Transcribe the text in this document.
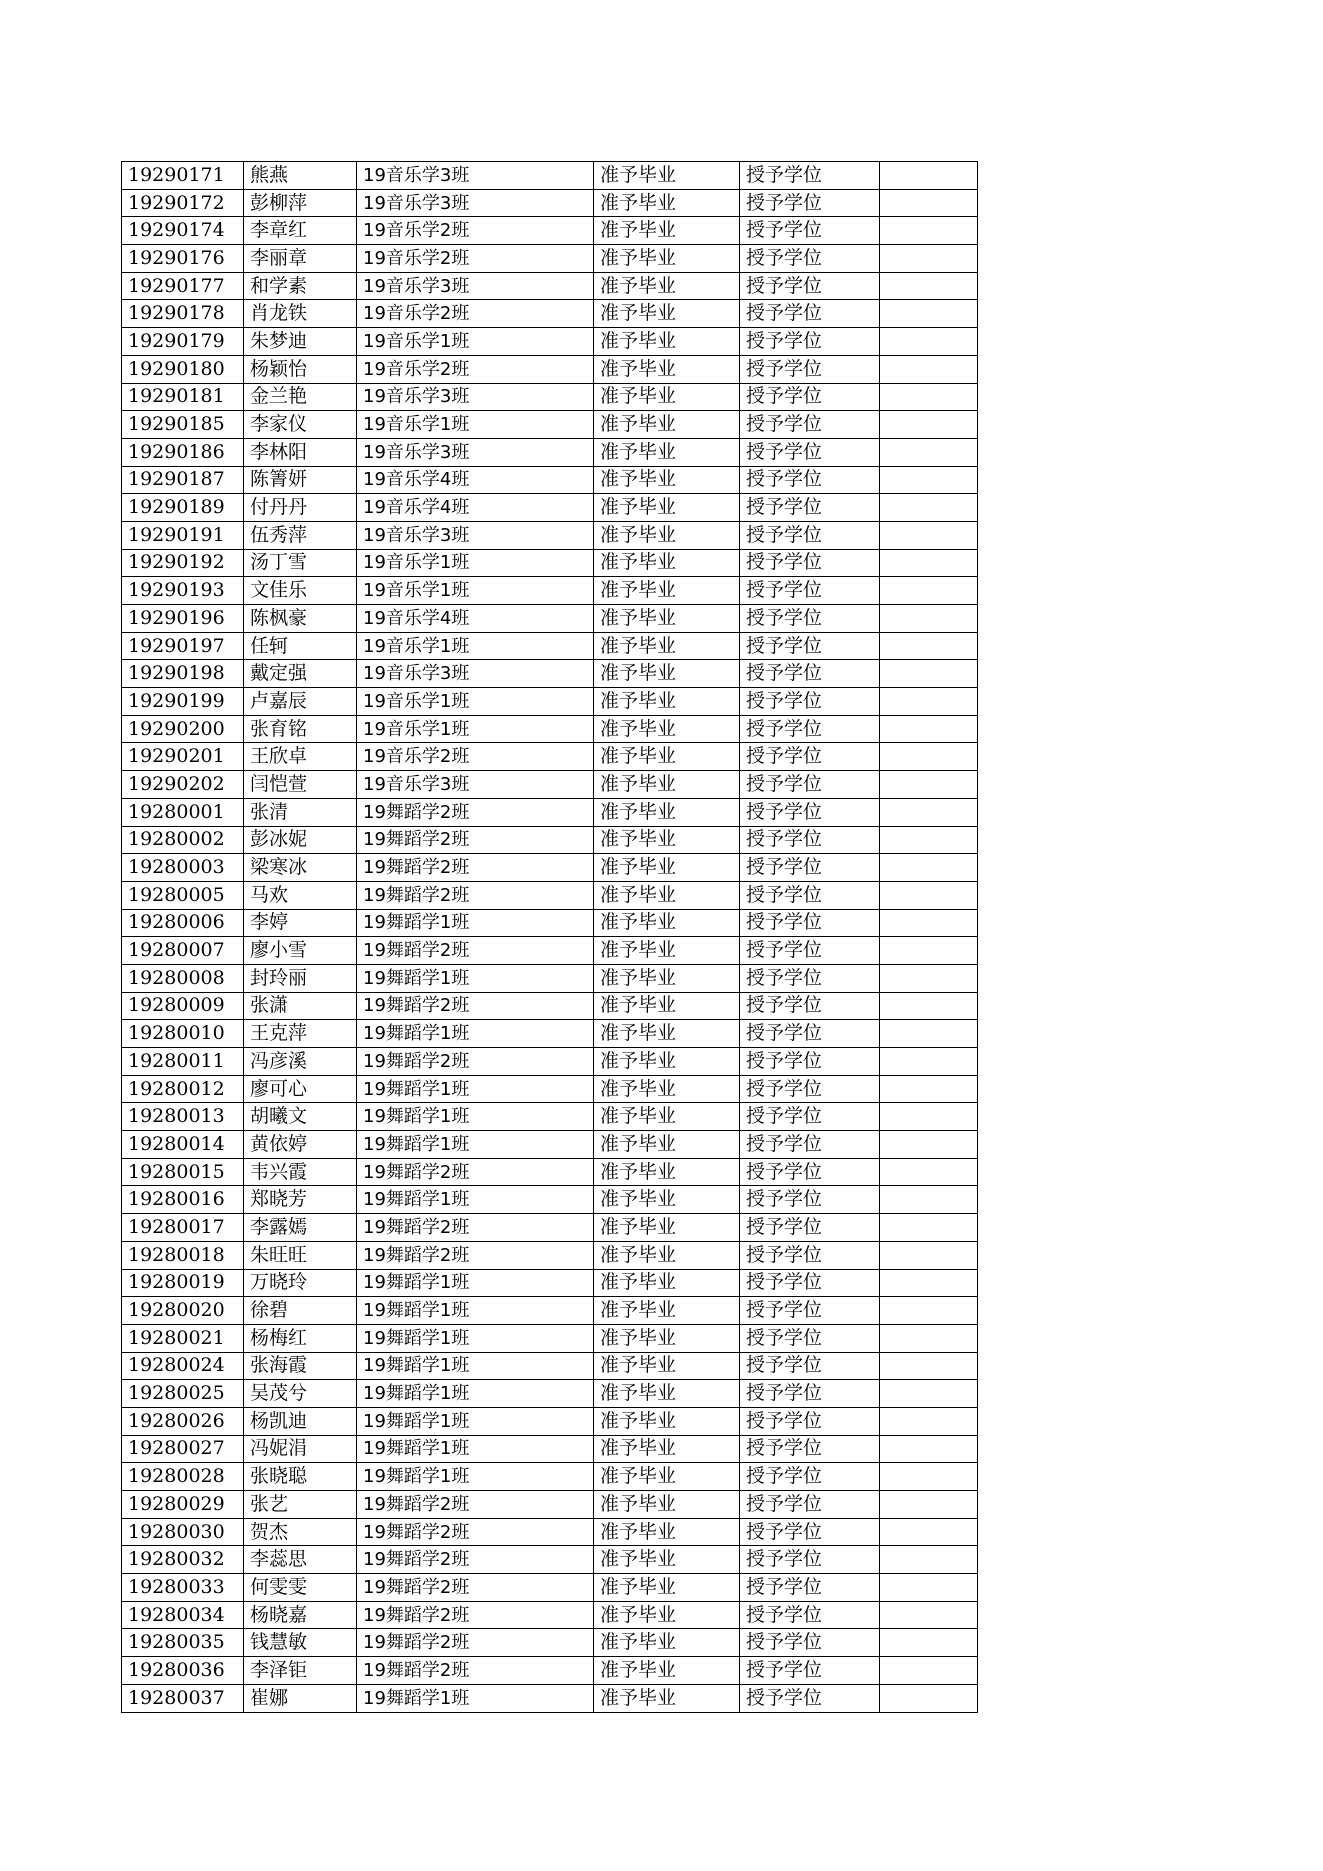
19290171	熊燕	19音乐学3班	准予毕业	授予学位	
19290172	彭柳萍	19音乐学3班	准予毕业	授予学位	
19290174	李章红	19音乐学2班	准予毕业	授予学位	
19290176	李丽章	19音乐学2班	准予毕业	授予学位	
19290177	和学素	19音乐学3班	准予毕业	授予学位	
19290178	肖龙铁	19音乐学2班	准予毕业	授予学位	
19290179	朱梦迪	19音乐学1班	准予毕业	授予学位	
19290180	杨颖怡	19音乐学2班	准予毕业	授予学位	
19290181	金兰艳	19音乐学3班	准予毕业	授予学位	
19290185	李家仪	19音乐学1班	准予毕业	授予学位	
19290186	李林阳	19音乐学3班	准予毕业	授予学位	
19290187	陈箐妍	19音乐学4班	准予毕业	授予学位	
19290189	付丹丹	19音乐学4班	准予毕业	授予学位	
19290191	伍秀萍	19音乐学3班	准予毕业	授予学位	
19290192	汤丁雪	19音乐学1班	准予毕业	授予学位	
19290193	文佳乐	19音乐学1班	准予毕业	授予学位	
19290196	陈枫豪	19音乐学4班	准予毕业	授予学位	
19290197	任轲	19音乐学1班	准予毕业	授予学位	
19290198	戴定强	19音乐学3班	准予毕业	授予学位	
19290199	卢嘉辰	19音乐学1班	准予毕业	授予学位	
19290200	张育铭	19音乐学1班	准予毕业	授予学位	
19290201	王欣卓	19音乐学2班	准予毕业	授予学位	
19290202	闫恺萱	19音乐学3班	准予毕业	授予学位	
19280001	张清	19舞蹈学2班	准予毕业	授予学位	
19280002	彭冰妮	19舞蹈学2班	准予毕业	授予学位	
19280003	梁寒冰	19舞蹈学2班	准予毕业	授予学位	
19280005	马欢	19舞蹈学2班	准予毕业	授予学位	
19280006	李婷	19舞蹈学1班	准予毕业	授予学位	
19280007	廖小雪	19舞蹈学2班	准予毕业	授予学位	
19280008	封玲丽	19舞蹈学1班	准予毕业	授予学位	
19280009	张潇	19舞蹈学2班	准予毕业	授予学位	
19280010	王克萍	19舞蹈学1班	准予毕业	授予学位	
19280011	冯彦溪	19舞蹈学2班	准予毕业	授予学位	
19280012	廖可心	19舞蹈学1班	准予毕业	授予学位	
19280013	胡曦文	19舞蹈学1班	准予毕业	授予学位	
19280014	黄依婷	19舞蹈学1班	准予毕业	授予学位	
19280015	韦兴霞	19舞蹈学2班	准予毕业	授予学位	
19280016	郑晓芳	19舞蹈学1班	准予毕业	授予学位	
19280017	李露嫣	19舞蹈学2班	准予毕业	授予学位	
19280018	朱旺旺	19舞蹈学2班	准予毕业	授予学位	
19280019	万晓玲	19舞蹈学1班	准予毕业	授予学位	
19280020	徐碧	19舞蹈学1班	准予毕业	授予学位	
19280021	杨梅红	19舞蹈学1班	准予毕业	授予学位	
19280024	张海霞	19舞蹈学1班	准予毕业	授予学位	
19280025	吴茂兮	19舞蹈学1班	准予毕业	授予学位	
19280026	杨凯迪	19舞蹈学1班	准予毕业	授予学位	
19280027	冯妮涓	19舞蹈学1班	准予毕业	授予学位	
19280028	张晓聪	19舞蹈学1班	准予毕业	授予学位	
19280029	张艺	19舞蹈学2班	准予毕业	授予学位	
19280030	贺杰	19舞蹈学2班	准予毕业	授予学位	
19280032	李蕊思	19舞蹈学2班	准予毕业	授予学位	
19280033	何雯雯	19舞蹈学2班	准予毕业	授予学位	
19280034	杨晓嘉	19舞蹈学2班	准予毕业	授予学位	
19280035	钱慧敏	19舞蹈学2班	准予毕业	授予学位	
19280036	李泽钜	19舞蹈学2班	准予毕业	授予学位	
19280037	崔娜	19舞蹈学1班	准予毕业	授予学位	
